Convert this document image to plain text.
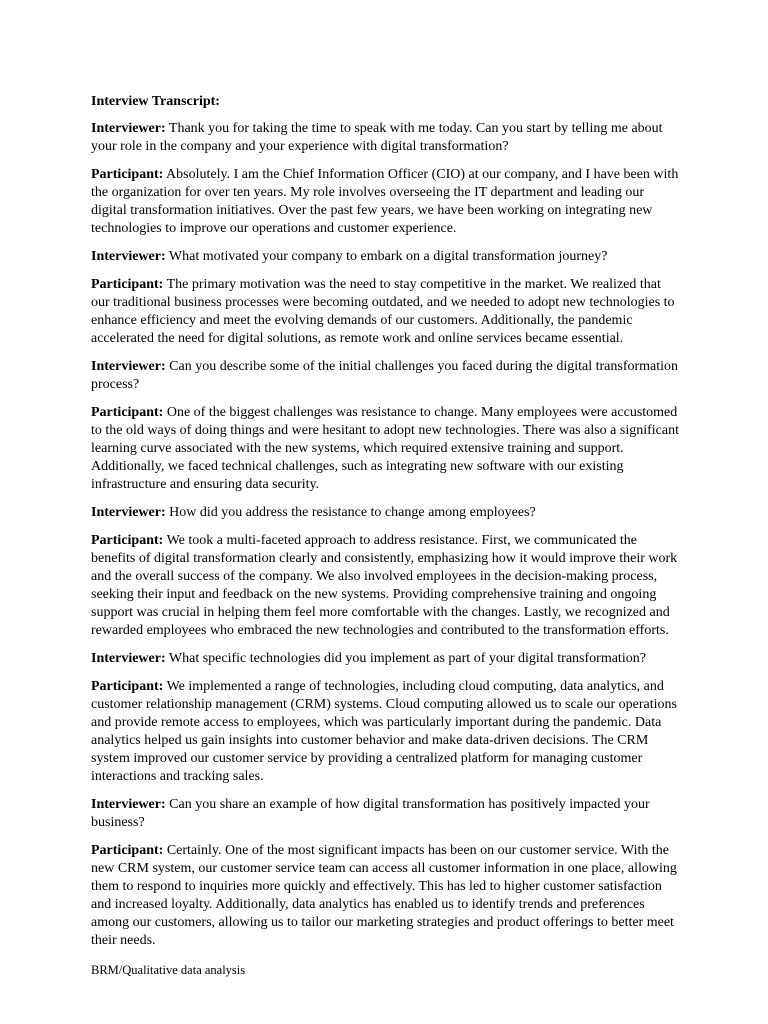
Interview Transcript:

Interviewer: Thank you for taking the time to speak with me today. Can you start by telling me about your role in the company and your experience with digital transformation?

Participant: Absolutely. I am the Chief Information Officer (CIO) at our company, and I have been with the organization for over ten years. My role involves overseeing the IT department and leading our digital transformation initiatives. Over the past few years, we have been working on integrating new technologies to improve our operations and customer experience.

Interviewer: What motivated your company to embark on a digital transformation journey?

Participant: The primary motivation was the need to stay competitive in the market. We realized that our traditional business processes were becoming outdated, and we needed to adopt new technologies to enhance efficiency and meet the evolving demands of our customers. Additionally, the pandemic accelerated the need for digital solutions, as remote work and online services became essential.

Interviewer: Can you describe some of the initial challenges you faced during the digital transformation process?

Participant: One of the biggest challenges was resistance to change. Many employees were accustomed to the old ways of doing things and were hesitant to adopt new technologies. There was also a significant learning curve associated with the new systems, which required extensive training and support. Additionally, we faced technical challenges, such as integrating new software with our existing infrastructure and ensuring data security.

Interviewer: How did you address the resistance to change among employees?

Participant: We took a multi-faceted approach to address resistance. First, we communicated the benefits of digital transformation clearly and consistently, emphasizing how it would improve their work and the overall success of the company. We also involved employees in the decision-making process, seeking their input and feedback on the new systems. Providing comprehensive training and ongoing support was crucial in helping them feel more comfortable with the changes. Lastly, we recognized and rewarded employees who embraced the new technologies and contributed to the transformation efforts.

Interviewer: What specific technologies did you implement as part of your digital transformation?

Participant: We implemented a range of technologies, including cloud computing, data analytics, and customer relationship management (CRM) systems. Cloud computing allowed us to scale our operations and provide remote access to employees, which was particularly important during the pandemic. Data analytics helped us gain insights into customer behavior and make data-driven decisions. The CRM system improved our customer service by providing a centralized platform for managing customer interactions and tracking sales.

Interviewer: Can you share an example of how digital transformation has positively impacted your business?

Participant: Certainly. One of the most significant impacts has been on our customer service. With the new CRM system, our customer service team can access all customer information in one place, allowing them to respond to inquiries more quickly and effectively. This has led to higher customer satisfaction and increased loyalty. Additionally, data analytics has enabled us to identify trends and preferences among our customers, allowing us to tailor our marketing strategies and product offerings to better meet their needs.

BRM/Qualitative data analysis
